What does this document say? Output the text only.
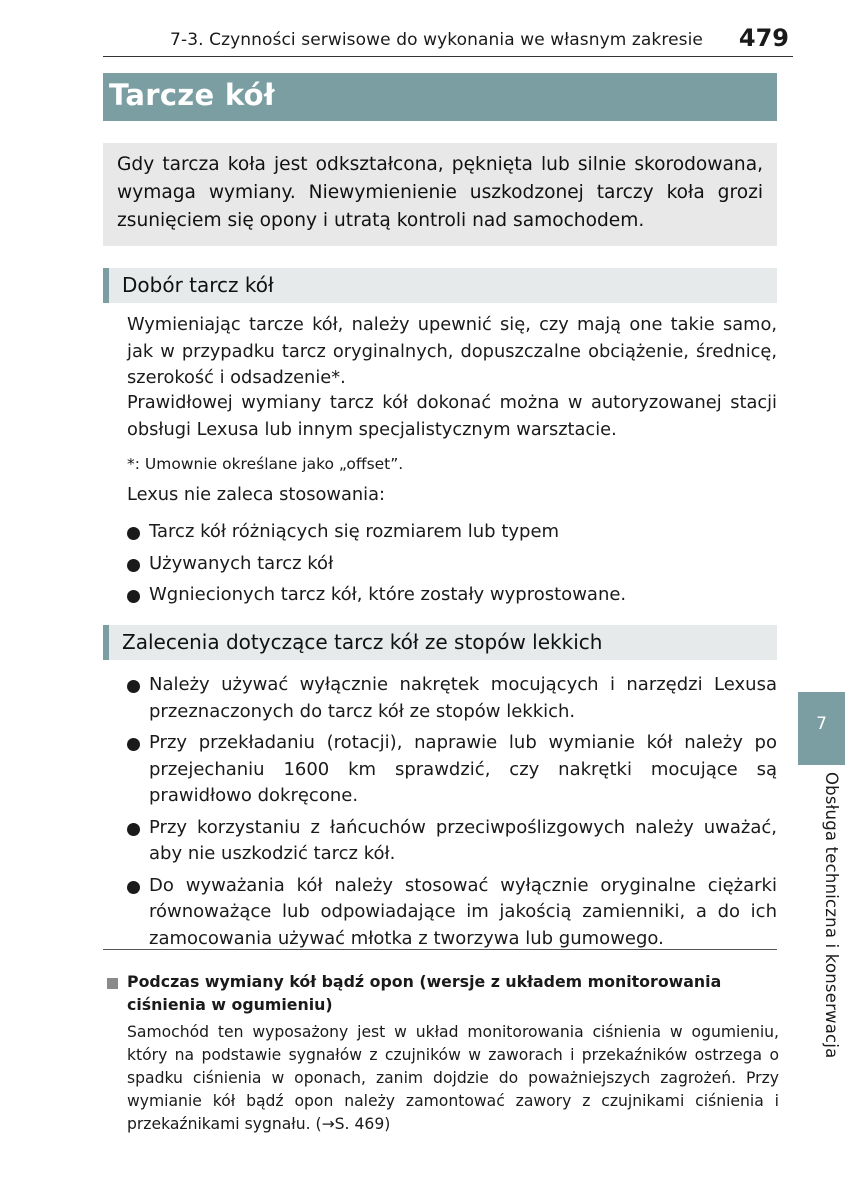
7-3. Czynności serwisowe do wykonania we własnym zakresie 479
Tarcze kół
Gdy tarcza koła jest odkształcona, pęknięta lub silnie skorodowana, wymaga wymiany. Niewymienienie uszkodzonej tarczy koła grozi zsunięciem się opony i utratą kontroli nad samochodem.
Dobór tarcz kół

Wymieniając tarcze kół, należy upewnić się, czy mają one takie samo, jak w przypadku tarcz oryginalnych, dopuszczalne obciążenie, średnicę, szerokość i odsadzenie*.

Prawidłowej wymiany tarcz kół dokonać można w autoryzowanej stacji obsługi Lexusa lub innym specjalistycznym warsztacie.

*: Umownie określane jako „offset”.
Lexus nie zaleca stosowania:
Tarcz kół różniących się rozmiarem lub typem
Używanych tarcz kół
Wgniecionych tarcz kół, które zostały wyprostowane.
Zalecenia dotyczące tarcz kół ze stopów lekkich
Należy używać wyłącznie nakrętek mocujących i narzędzi Lexusa przeznaczonych do tarcz kół ze stopów lekkich.
Przy przekładaniu (rotacji), naprawie lub wymianie kół należy po przejechaniu 1600 km sprawdzić, czy nakrętki mocujące są prawidłowo dokręcone.
Przy korzystaniu z łańcuchów przeciwpoślizgowych należy uważać, aby nie uszkodzić tarcz kół.
Do wyważania kół należy stosować wyłącznie oryginalne ciężarki równoważące lub odpowiadające im jakością zamienniki, a do ich zamocowania używać młotka z tworzywa lub gumowego.
Podczas wymiany kół bądź opon (wersje z układem monitorowania ciśnienia w ogumieniu)
Samochód ten wyposażony jest w układ monitorowania ciśnienia w ogumieniu, który na podstawie sygnałów z czujników w zaworach i przekaźników ostrzega o spadku ciśnienia w oponach, zanim dojdzie do poważniejszych zagrożeń. Przy wymianie kół bądź opon należy zamontować zawory z czujnikami ciśnienia i przekaźnikami sygnału. (→S. 469)
7
Obsługa techniczna i konserwacja
